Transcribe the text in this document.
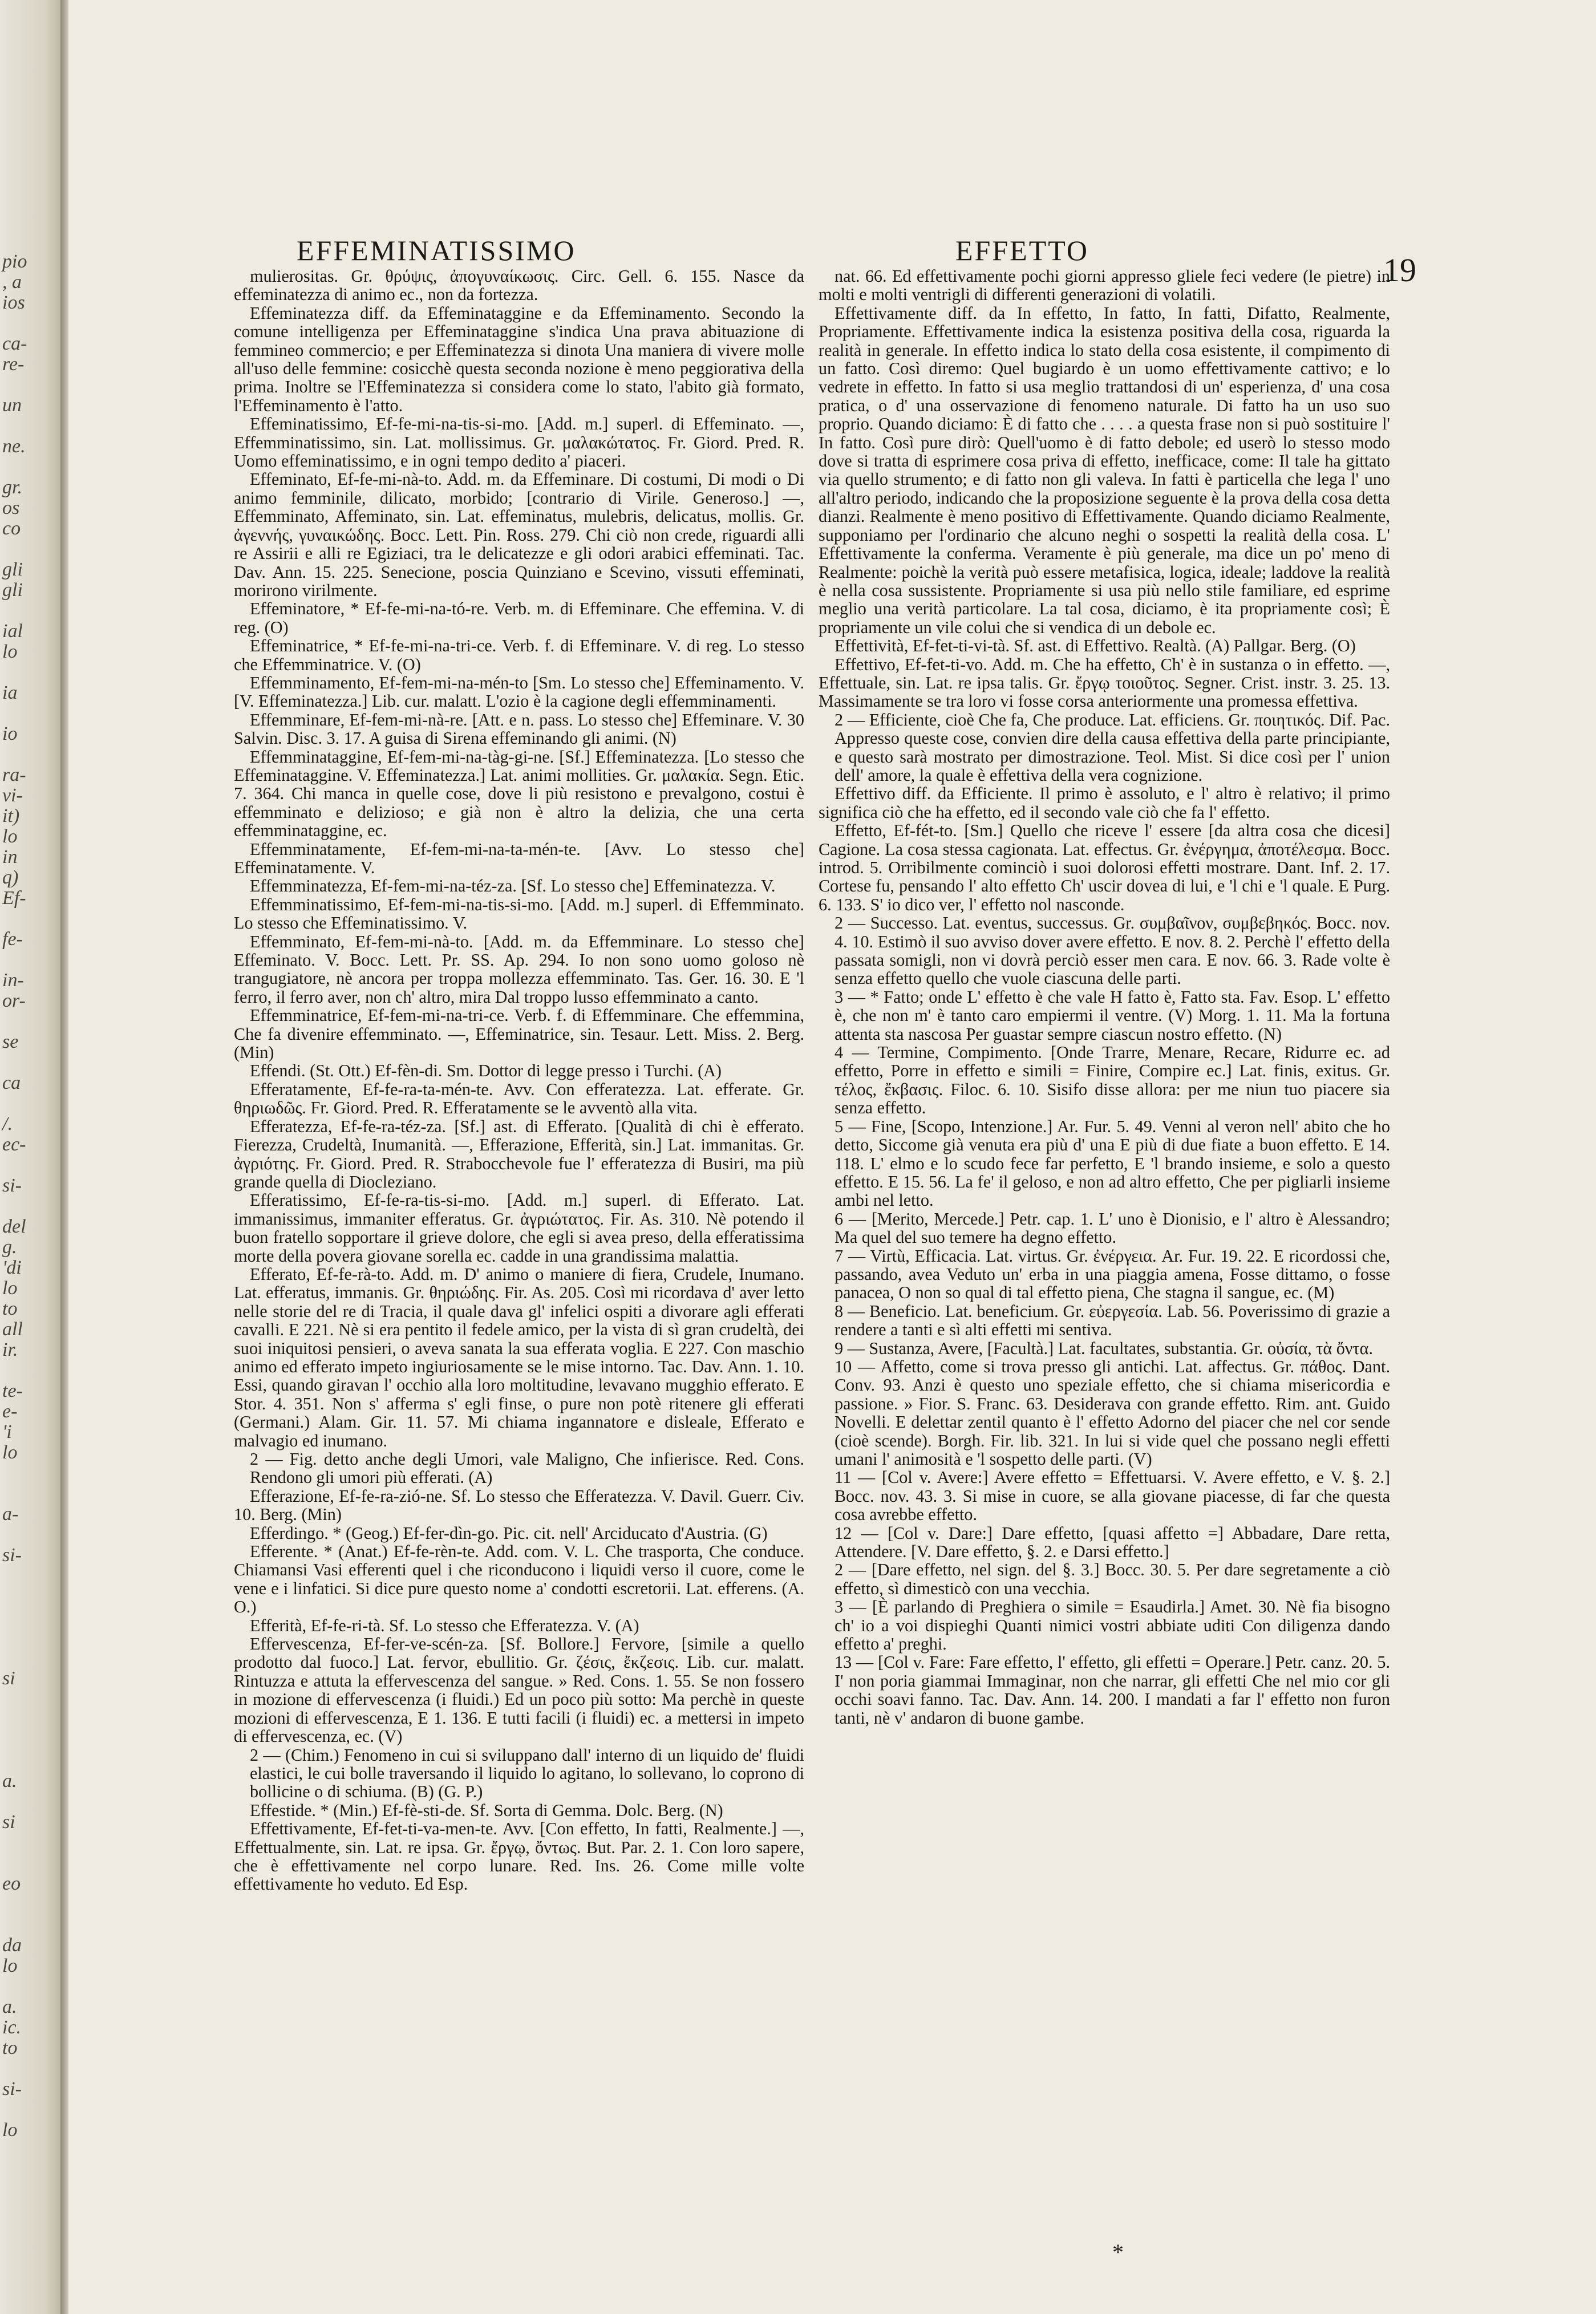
pio
, a
ios
ca-
re-
un
ne.
gr.
os
co
gli
gli
ial
lo
ia
io
ra-
vi-
it)
lo
in
q)
Ef-
fe-
in-
or-
se
ca
/.
ec-
si-
del
g.
'di
lo
to
all
ir.
te-
e-
'i
lo
a-
si-
si
a.
si
eo
da
lo
a.
ic.
to
si-
lo
EFFEMINATISSIMO	EFFETTO
19

mulierositas. Gr. θρύψις, ἀπογυναίκωσις. Circ. Gell. 6. 155. Nasce da effeminatezza di animo ec., non da fortezza.

Effeminatezza diff. da Effeminataggine e da Effeminamento. Secondo la comune intelligenza per Effeminataggine s'indica Una prava abituazione di femmineo commercio; e per Effeminatezza si dinota Una maniera di vivere molle all'uso delle femmine: cosicchè questa seconda nozione è meno peggiorativa della prima. Inoltre se l'Effeminatezza si considera come lo stato, l'abito già formato, l'Effeminamento è l'atto.

Effeminatissimo, Ef-fe-mi-na-tis-si-mo. [Add. m.] superl. di Effeminato. —, Effemminatissimo, sin. Lat. mollissimus. Gr. μαλακώτατος. Fr. Giord. Pred. R. Uomo effeminatissimo, e in ogni tempo dedito a' piaceri.

Effeminato, Ef-fe-mi-nà-to. Add. m. da Effeminare. Di costumi, Di modi o Di animo femminile, dilicato, morbido; [contrario di Virile. Generoso.] —, Effemminato, Affeminato, sin. Lat. effeminatus, mulebris, delicatus, mollis. Gr. ἀγεννής, γυναικώδης. Bocc. Lett. Pin. Ross. 279. Chi ciò non crede, riguardi alli re Assirii e alli re Egiziaci, tra le delicatezze e gli odori arabici effeminati. Tac. Dav. Ann. 15. 225. Senecione, poscia Quinziano e Scevino, vissuti effeminati, morirono virilmente.

Effeminatore, * Ef-fe-mi-na-tó-re. Verb. m. di Effeminare. Che effemina. V. di reg. (O)

Effeminatrice, * Ef-fe-mi-na-tri-ce. Verb. f. di Effeminare. V. di reg. Lo stesso che Effemminatrice. V. (O)

Effemminamento, Ef-fem-mi-na-mén-to [Sm. Lo stesso che] Effeminamento. V. [V. Effeminatezza.] Lib. cur. malatt. L'ozio è la cagione degli effemminamenti.

Effemminare, Ef-fem-mi-nà-re. [Att. e n. pass. Lo stesso che] Effeminare. V. 30 Salvin. Disc. 3. 17. A guisa di Sirena effeminando gli animi. (N)

Effemminataggine, Ef-fem-mi-na-tàg-gi-ne. [Sf.] Effeminatezza. [Lo stesso che Effeminataggine. V. Effeminatezza.] Lat. animi mollities. Gr. μαλακία. Segn. Etic. 7. 364. Chi manca in quelle cose, dove li più resistono e prevalgono, costui è effemminato e delizioso; e già non è altro la delizia, che una certa effemminataggine, ec.

Effemminatamente, Ef-fem-mi-na-ta-mén-te. [Avv. Lo stesso che] Effeminatamente. V.

Effemminatezza, Ef-fem-mi-na-téz-za. [Sf. Lo stesso che] Effeminatezza. V.

Effemminatissimo, Ef-fem-mi-na-tis-si-mo. [Add. m.] superl. di Effemminato. Lo stesso che Effeminatissimo. V.

Effemminato, Ef-fem-mi-nà-to. [Add. m. da Effemminare. Lo stesso che] Effeminato. V. Bocc. Lett. Pr. SS. Ap. 294. Io non sono uomo goloso nè trangugiatore, nè ancora per troppa mollezza effemminato. Tas. Ger. 16. 30. E 'l ferro, il ferro aver, non ch' altro, mira Dal troppo lusso effemminato a canto.

Effemminatrice, Ef-fem-mi-na-tri-ce. Verb. f. di Effemminare. Che effemmina, Che fa divenire effemminato. —, Effeminatrice, sin. Tesaur. Lett. Miss. 2. Berg. (Min)

Effendi. (St. Ott.) Ef-fèn-di. Sm. Dottor di legge presso i Turchi. (A)

Efferatamente, Ef-fe-ra-ta-mén-te. Avv. Con efferatezza. Lat. efferate. Gr. θηριωδῶς. Fr. Giord. Pred. R. Efferatamente se le avventò alla vita.

Efferatezza, Ef-fe-ra-téz-za. [Sf.] ast. di Efferato. [Qualità di chi è efferato. Fierezza, Crudeltà, Inumanità. —, Efferazione, Efferità, sin.] Lat. immanitas. Gr. ἀγριότης. Fr. Giord. Pred. R. Strabocchevole fue l' efferatezza di Busiri, ma più grande quella di Diocleziano.

Efferatissimo, Ef-fe-ra-tis-si-mo. [Add. m.] superl. di Efferato. Lat. immanissimus, immaniter efferatus. Gr. ἀγριώτατος. Fir. As. 310. Nè potendo il buon fratello sopportare il grieve dolore, che egli si avea preso, della efferatissima morte della povera giovane sorella ec. cadde in una grandissima malattia.

Efferato, Ef-fe-rà-to. Add. m. D' animo o maniere di fiera, Crudele, Inumano. Lat. efferatus, immanis. Gr. θηριώδης. Fir. As. 205. Così mi ricordava d' aver letto nelle storie del re di Tracia, il quale dava gl' infelici ospiti a divorare agli efferati cavalli. E 221. Nè si era pentito il fedele amico, per la vista di sì gran crudeltà, dei suoi iniquitosi pensieri, o aveva sanata la sua efferata voglia. E 227. Con maschio animo ed efferato impeto ingiuriosamente se le mise intorno. Tac. Dav. Ann. 1. 10. Essi, quando giravan l' occhio alla loro moltitudine, levavano mugghio efferato. E Stor. 4. 351. Non s' afferma s' egli finse, o pure non potè ritenere gli efferati (Germani.) Alam. Gir. 11. 57. Mi chiama ingannatore e disleale, Efferato e malvagio ed inumano.

2 — Fig. detto anche degli Umori, vale Maligno, Che infierisce. Red. Cons. Rendono gli umori più efferati. (A)

Efferazione, Ef-fe-ra-zió-ne. Sf. Lo stesso che Efferatezza. V. Davil. Guerr. Civ. 10. Berg. (Min)

Efferdingo. * (Geog.) Ef-fer-dìn-go. Pic. cit. nell' Arciducato d'Austria. (G)

Efferente. * (Anat.) Ef-fe-rèn-te. Add. com. V. L. Che trasporta, Che conduce. Chiamansi Vasi efferenti quel i che riconducono i liquidi verso il cuore, come le vene e i linfatici. Si dice pure questo nome a' condotti escretorii. Lat. efferens. (A. O.)

Efferità, Ef-fe-ri-tà. Sf. Lo stesso che Efferatezza. V. (A)

Effervescenza, Ef-fer-ve-scén-za. [Sf. Bollore.] Fervore, [simile a quello prodotto dal fuoco.] Lat. fervor, ebullitio. Gr. ζέσις, ἔκζεσις. Lib. cur. malatt. Rintuzza e attuta la effervescenza del sangue. » Red. Cons. 1. 55. Se non fossero in mozione di effervescenza (i fluidi.) Ed un poco più sotto: Ma perchè in queste mozioni di effervescenza, E 1. 136. E tutti facili (i fluidi) ec. a mettersi in impeto di effervescenza, ec. (V)

2 — (Chim.) Fenomeno in cui si sviluppano dall' interno di un liquido de' fluidi elastici, le cui bolle traversando il liquido lo agitano, lo sollevano, lo coprono di bollicine o di schiuma. (B) (G. P.)

Effestide. * (Min.) Ef-fè-sti-de. Sf. Sorta di Gemma. Dolc. Berg. (N)

Effettivamente, Ef-fet-ti-va-men-te. Avv. [Con effetto, In fatti, Realmente.] —, Effettualmente, sin. Lat. re ipsa. Gr. ἔργῳ, ὄντως. But. Par. 2. 1. Con loro sapere, che è effettivamente nel corpo lunare. Red. Ins. 26. Come mille volte effettivamente ho veduto. Ed Esp.

nat. 66. Ed effettivamente pochi giorni appresso gliele feci vedere (le pietre) in molti e molti ventrigli di differenti generazioni di volatili.

Effettivamente diff. da In effetto, In fatto, In fatti, Difatto, Realmente, Propriamente. Effettivamente indica la esistenza positiva della cosa, riguarda la realità in generale. In effetto indica lo stato della cosa esistente, il compimento di un fatto. Così diremo: Quel bugiardo è un uomo effettivamente cattivo; e lo vedrete in effetto. In fatto si usa meglio trattandosi di un' esperienza, d' una cosa pratica, o d' una osservazione di fenomeno naturale. Di fatto ha un uso suo proprio. Quando diciamo: È di fatto che . . . . a questa frase non si può sostituire l' In fatto. Così pure dirò: Quell'uomo è di fatto debole; ed userò lo stesso modo dove si tratta di esprimere cosa priva di effetto, inefficace, come: Il tale ha gittato via quello strumento; e di fatto non gli valeva. In fatti è particella che lega l' uno all'altro periodo, indicando che la proposizione seguente è la prova della cosa detta dianzi. Realmente è meno positivo di Effettivamente. Quando diciamo Realmente, supponiamo per l'ordinario che alcuno neghi o sospetti la realità della cosa. L' Effettivamente la conferma. Veramente è più generale, ma dice un po' meno di Realmente: poichè la verità può essere metafisica, logica, ideale; laddove la realità è nella cosa sussistente. Propriamente si usa più nello stile familiare, ed esprime meglio una verità particolare. La tal cosa, diciamo, è ita propriamente così; È propriamente un vile colui che si vendica di un debole ec.

Effettività, Ef-fet-ti-vi-tà. Sf. ast. di Effettivo. Realtà. (A) Pallgar. Berg. (O)

Effettivo, Ef-fet-ti-vo. Add. m. Che ha effetto, Ch' è in sustanza o in effetto. —, Effettuale, sin. Lat. re ipsa talis. Gr. ἔργῳ τοιοῦτος. Segner. Crist. instr. 3. 25. 13. Massimamente se tra loro vi fosse corsa anteriormente una promessa effettiva.

2 — Efficiente, cioè Che fa, Che produce. Lat. efficiens. Gr. ποιητικός. Dif. Pac. Appresso queste cose, convien dire della causa effettiva della parte principiante, e questo sarà mostrato per dimostrazione. Teol. Mist. Si dice così per l' union dell' amore, la quale è effettiva della vera cognizione.

Effettivo diff. da Efficiente. Il primo è assoluto, e l' altro è relativo; il primo significa ciò che ha effetto, ed il secondo vale ciò che fa l' effetto.

Effetto, Ef-fét-to. [Sm.] Quello che riceve l' essere [da altra cosa che dicesi] Cagione. La cosa stessa cagionata. Lat. effectus. Gr. ἐνέργημα, ἀποτέλεσμα. Bocc. introd. 5. Orribilmente cominciò i suoi dolorosi effetti mostrare. Dant. Inf. 2. 17. Cortese fu, pensando l' alto effetto Ch' uscir dovea di lui, e 'l chi e 'l quale. E Purg. 6. 133. S' io dico ver, l' effetto nol nasconde.

2 — Successo. Lat. eventus, successus. Gr. συμβαῖνον, συμβεβηκός. Bocc. nov. 4. 10. Estimò il suo avviso dover avere effetto. E nov. 8. 2. Perchè l' effetto della passata somigli, non vi dovrà perciò esser men cara. E nov. 66. 3. Rade volte è senza effetto quello che vuole ciascuna delle parti.

3 — * Fatto; onde L' effetto è che vale H fatto è, Fatto sta. Fav. Esop. L' effetto è, che non m' è tanto caro empiermi il ventre. (V) Morg. 1. 11. Ma la fortuna attenta sta nascosa Per guastar sempre ciascun nostro effetto. (N)

4 — Termine, Compimento. [Onde Trarre, Menare, Recare, Ridurre ec. ad effetto, Porre in effetto e simili = Finire, Compire ec.] Lat. finis, exitus. Gr. τέλος, ἔκβασις. Filoc. 6. 10. Sisifo disse allora: per me niun tuo piacere sia senza effetto.

5 — Fine, [Scopo, Intenzione.] Ar. Fur. 5. 49. Venni al veron nell' abito che ho detto, Siccome già venuta era più d' una E più di due fiate a buon effetto. E 14. 118. L' elmo e lo scudo fece far perfetto, E 'l brando insieme, e solo a questo effetto. E 15. 56. La fe' il geloso, e non ad altro effetto, Che per pigliarli insieme ambi nel letto.

6 — [Merito, Mercede.] Petr. cap. 1. L' uno è Dionisio, e l' altro è Alessandro; Ma quel del suo temere ha degno effetto.

7 — Virtù, Efficacia. Lat. virtus. Gr. ἐνέργεια. Ar. Fur. 19. 22. E ricordossi che, passando, avea Veduto un' erba in una piaggia amena, Fosse dittamo, o fosse panacea, O non so qual di tal effetto piena, Che stagna il sangue, ec. (M)

8 — Beneficio. Lat. beneficium. Gr. εὐεργεσία. Lab. 56. Poverissimo di grazie a rendere a tanti e sì alti effetti mi sentiva.

9 — Sustanza, Avere, [Facultà.] Lat. facultates, substantia. Gr. οὐσία, τὰ ὄντα.

10 — Affetto, come si trova presso gli antichi. Lat. affectus. Gr. πάθος. Dant. Conv. 93. Anzi è questo uno speziale effetto, che si chiama misericordia e passione. » Fior. S. Franc. 63. Desiderava con grande effetto. Rim. ant. Guido Novelli. E delettar zentil quanto è l' effetto Adorno del piacer che nel cor sende (cioè scende). Borgh. Fir. lib. 321. In lui si vide quel che possano negli effetti umani l' animosità e 'l sospetto delle parti. (V)

11 — [Col v. Avere:] Avere effetto = Effettuarsi. V. Avere effetto, e V. §. 2.] Bocc. nov. 43. 3. Si mise in cuore, se alla giovane piacesse, di far che questa cosa avrebbe effetto.

12 — [Col v. Dare:] Dare effetto, [quasi affetto =] Abbadare, Dare retta, Attendere. [V. Dare effetto, §. 2. e Darsi effetto.]

2 — [Dare effetto, nel sign. del §. 3.] Bocc. 30. 5. Per dare segretamente a ciò effetto, sì dimesticò con una vecchia.

3 — [È parlando di Preghiera o simile = Esaudirla.] Amet. 30. Nè fia bisogno ch' io a voi dispieghi Quanti nimici vostri abbiate uditi Con diligenza dando effetto a' preghi.

13 — [Col v. Fare: Fare effetto, l' effetto, gli effetti = Operare.] Petr. canz. 20. 5. I' non poria giammai Immaginar, non che narrar, gli effetti Che nel mio cor gli occhi soavi fanno. Tac. Dav. Ann. 14. 200. I mandati a far l' effetto non furon tanti, nè v' andaron di buone gambe.

*
